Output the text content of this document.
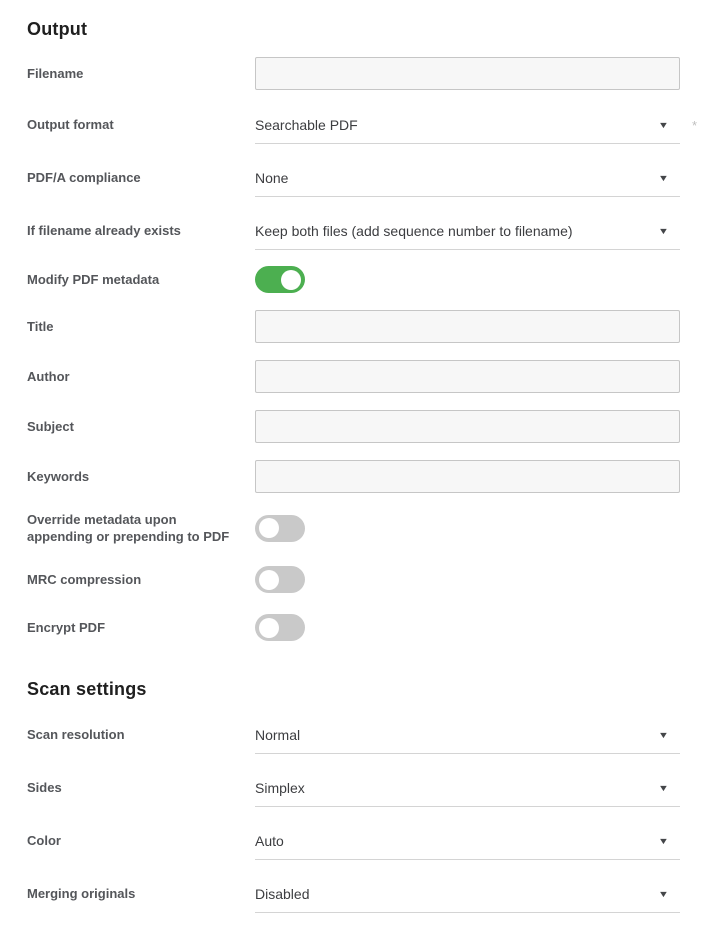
Output
Filename
Output format	Searchable PDF	▼ *
PDF/A compliance	None	▼
If filename already exists	Keep both files (add sequence number to filename)	▼
Modify PDF metadata
Title
Author
Subject
Keywords
Override metadata upon appending or prepending to PDF
MRC compression
Encrypt PDF
Scan settings
Scan resolution	Normal	▼
Sides	Simplex	▼
Color	Auto	▼
Merging originals	Disabled	▼
